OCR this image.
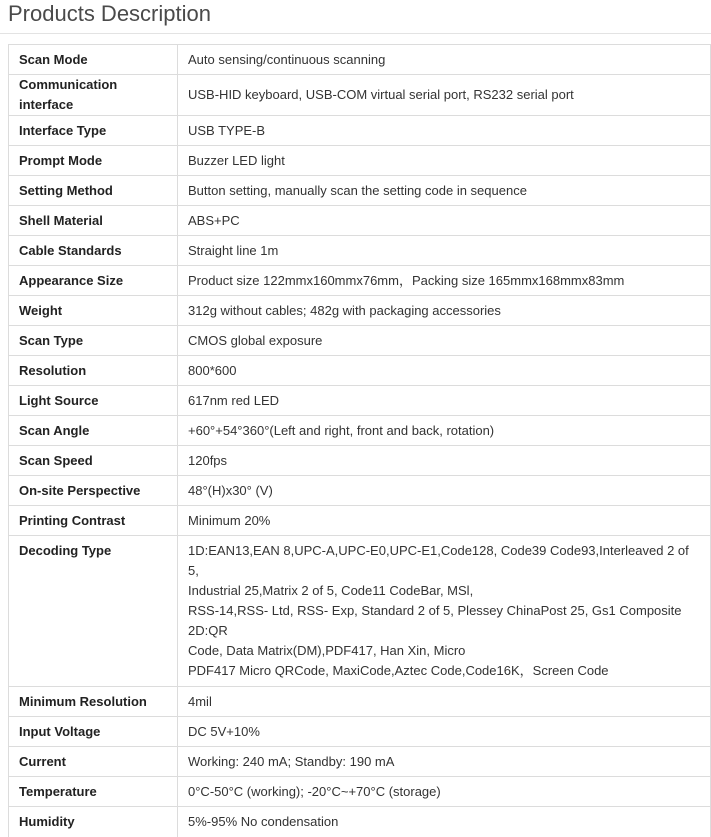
Products Description
Scan Mode	Auto sensing/continuous scanning
Communication interface	USB-HID keyboard, USB-COM virtual serial port, RS232 serial port
Interface Type	USB TYPE-B
Prompt Mode	Buzzer LED light
Setting Method	Button setting, manually scan the setting code in sequence
Shell Material	ABS+PC
Cable Standards	Straight line 1m
Appearance Size	Product size 122mmx160mmx76mm，Packing size 165mmx168mmx83mm
Weight	312g without cables; 482g with packaging accessories
Scan Type	CMOS global exposure
Resolution	800*600
Light Source	617nm red LED
Scan Angle	+60°+54°360°(Left and right, front and back, rotation)
Scan Speed	120fps
On-site Perspective	48°(H)x30° (V)
Printing Contrast	Minimum 20%
Decoding Type	1D:EAN13,EAN 8,UPC-A,UPC-E0,UPC-E1,Code128, Code39 Code93,Interleaved 2 of 5,
Industrial 25,Matrix 2 of 5, Code11 CodeBar, MSl,
RSS-14,RSS- Ltd, RSS- Exp, Standard 2 of 5, Plessey ChinaPost 25, Gs1 Composite 2D:QR
Code, Data Matrix(DM),PDF417, Han Xin, Micro
PDF417 Micro QRCode, MaxiCode,Aztec Code,Code16K，Screen Code

Minimum Resolution	4mil
Input Voltage	DC 5V+10%
Current	Working: 240 mA; Standby: 190 mA
Temperature	0°C-50°C (working); -20°C~+70°C (storage)
Humidity	5%-95% No condensation
